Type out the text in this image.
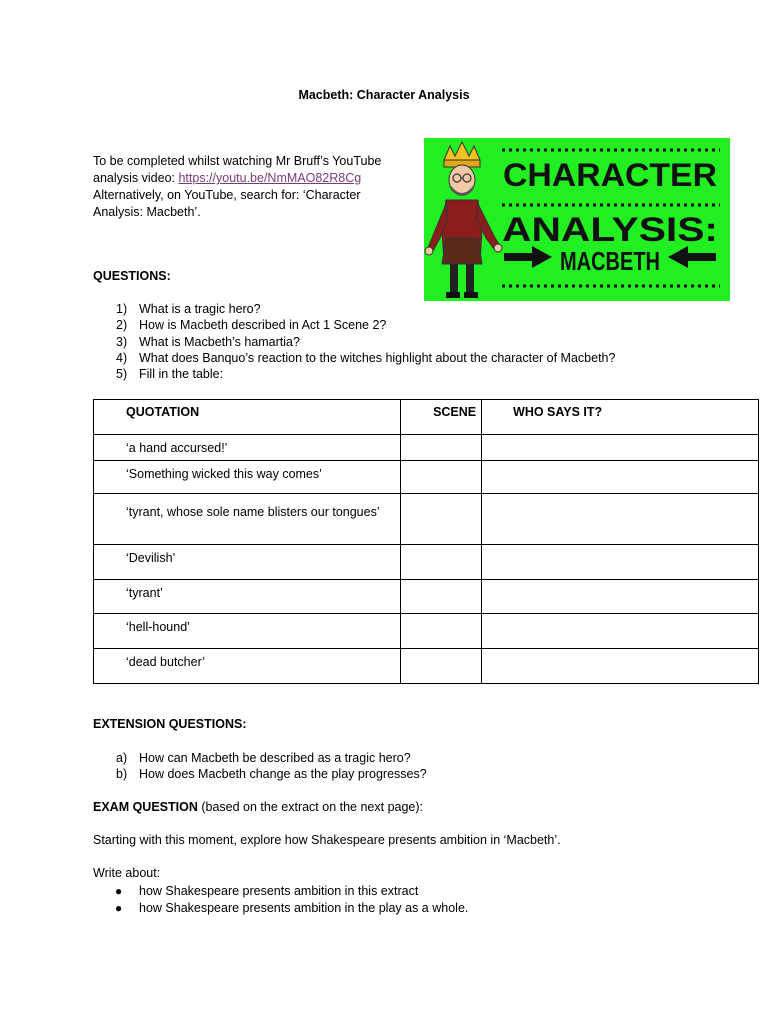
Macbeth: Character Analysis
To be completed whilst watching Mr Bruff’s YouTube
analysis video: https://youtu.be/NmMAO82R8Cg
Alternatively, on YouTube, search for: ‘Character
Analysis: Macbeth’.
CHARACTER
ANALYSIS:
MACBETH
QUESTIONS:
1) What is a tragic hero?
2) How is Macbeth described in Act 1 Scene 2?
3) What is Macbeth’s hamartia?
4) What does Banquo’s reaction to the witches highlight about the character of Macbeth?
5) Fill in the table:
QUOTATION	SCENE	WHO SAYS IT?

‘a hand accursed!’		

‘Something wicked this way comes’		

‘tyrant, whose sole name blisters our tongues’		

‘Devilish’		

‘tyrant’		

‘hell-hound’		

‘dead butcher’		

EXTENSION QUESTIONS:
a) How can Macbeth be described as a tragic hero?
b) How does Macbeth change as the play progresses?
EXAM QUESTION (based on the extract on the next page):
Starting with this moment, explore how Shakespeare presents ambition in ‘Macbeth’.
Write about:
● how Shakespeare presents ambition in this extract
● how Shakespeare presents ambition in the play as a whole.
